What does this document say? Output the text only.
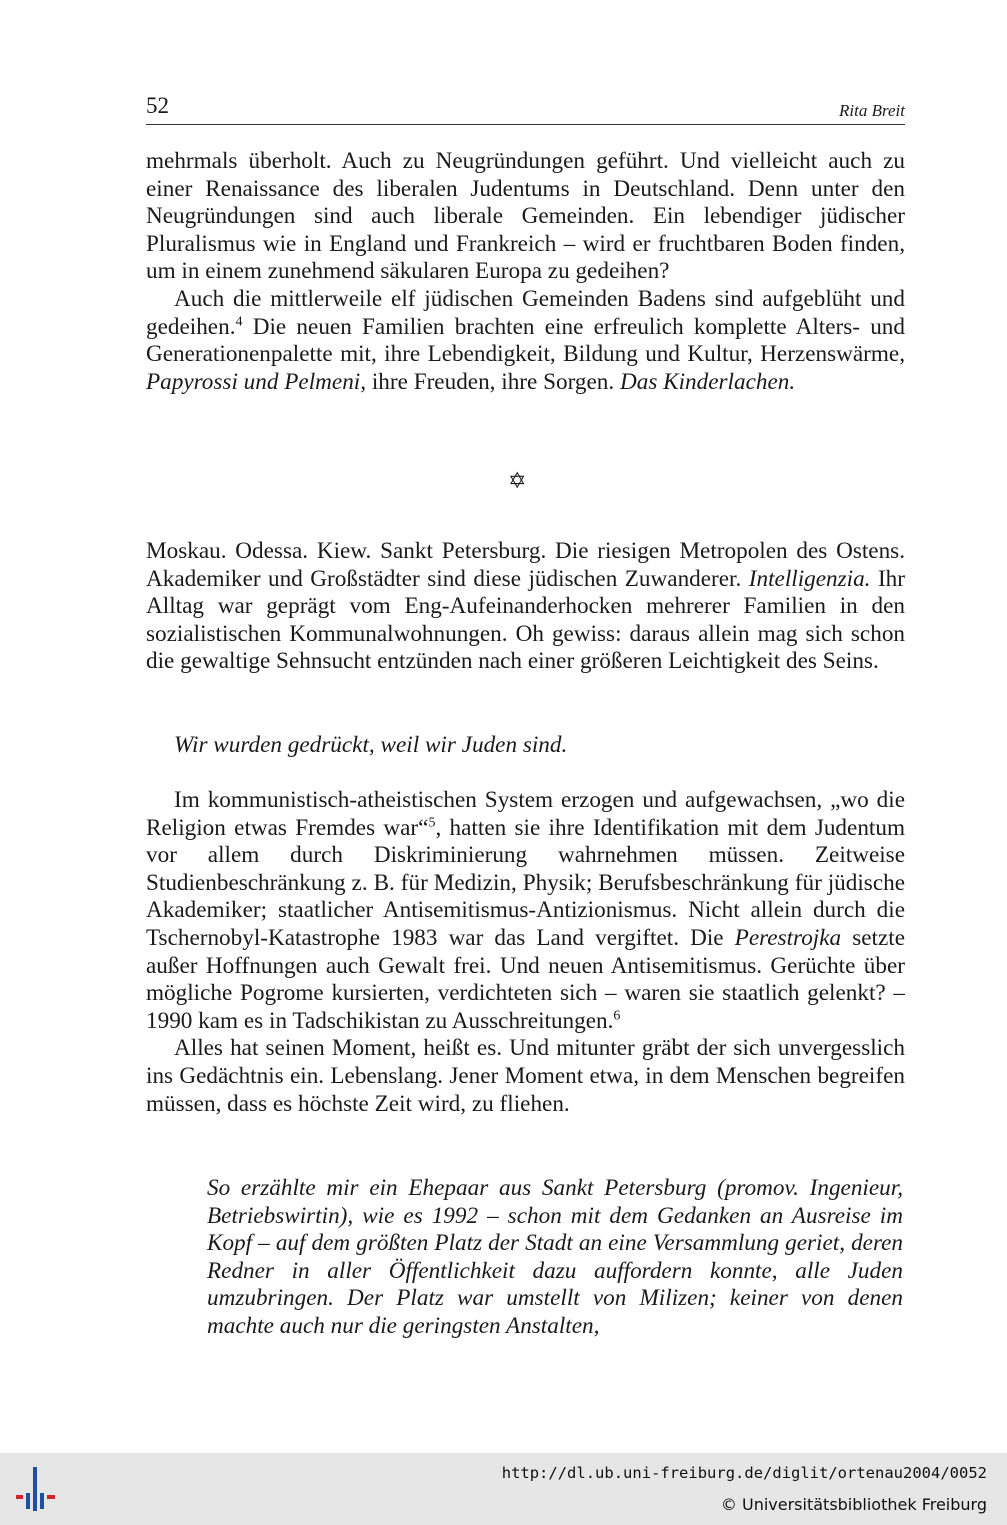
52	Rita Breit

mehrmals überholt. Auch zu Neugründungen geführt. Und vielleicht auch zu einer Renaissance des liberalen Judentums in Deutschland. Denn unter den Neugründungen sind auch liberale Gemeinden. Ein lebendiger jüdischer Pluralismus wie in England und Frankreich – wird er fruchtbaren Boden finden, um in einem zunehmend säkularen Europa zu gedeihen?

Auch die mittlerweile elf jüdischen Gemeinden Badens sind aufgeblüht und gedeihen.$^4$ Die neuen Familien brachten eine erfreulich komplette Alters- und Generationenpalette mit, ihre Lebendigkeit, Bildung und Kultur, Herzenswärme, Papyrossi und Pelmeni, ihre Freuden, ihre Sorgen. Das Kinderlachen.

✡

Moskau. Odessa. Kiew. Sankt Petersburg. Die riesigen Metropolen des Ostens. Akademiker und Großstädter sind diese jüdischen Zuwanderer. Intelligenzia. Ihr Alltag war geprägt vom Eng-Aufeinanderhocken mehrerer Familien in den sozialistischen Kommunalwohnungen. Oh gewiss: daraus allein mag sich schon die gewaltige Sehnsucht entzünden nach einer größeren Leichtigkeit des Seins.

Wir wurden gedrückt, weil wir Juden sind.

Im kommunistisch-atheistischen System erzogen und aufgewachsen, „wo die Religion etwas Fremdes war“$^5$, hatten sie ihre Identifikation mit dem Judentum vor allem durch Diskriminierung wahrnehmen müssen. Zeitweise Studienbeschränkung z. B. für Medizin, Physik; Berufsbeschränkung für jüdische Akademiker; staatlicher Antisemitismus-Antizionismus. Nicht allein durch die Tschernobyl-Katastrophe 1983 war das Land vergiftet. Die Perestrojka setzte außer Hoffnungen auch Gewalt frei. Und neuen Antisemitismus. Gerüchte über mögliche Pogrome kursierten, verdichteten sich – waren sie staatlich gelenkt? – 1990 kam es in Tadschikistan zu Ausschreitungen.$^6$

Alles hat seinen Moment, heißt es. Und mitunter gräbt der sich unvergesslich ins Gedächtnis ein. Lebenslang. Jener Moment etwa, in dem Menschen begreifen müssen, dass es höchste Zeit wird, zu fliehen.

So erzählte mir ein Ehepaar aus Sankt Petersburg (promov. Ingenieur, Betriebswirtin), wie es 1992 – schon mit dem Gedanken an Ausreise im Kopf – auf dem größten Platz der Stadt an eine Versammlung geriet, deren Redner in aller Öffentlichkeit dazu auffordern konnte, alle Juden umzubringen. Der Platz war umstellt von Milizen; keiner von denen machte auch nur die geringsten Anstalten,

http://dl.ub.uni-freiburg.de/diglit/ortenau2004/0052
© Universitätsbibliothek Freiburg
